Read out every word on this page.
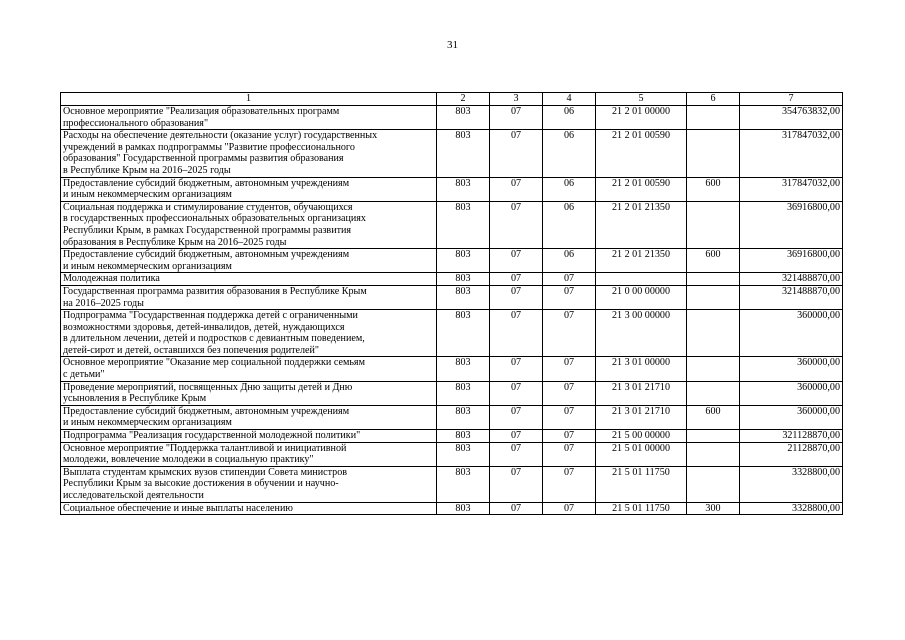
31
1	2	3	4	5	6	7
Основное мероприятие "Реализация образовательных программ
профессионального образования"	803	07	06	21 2 01 00000		354763832,00
Расходы на обеспечение деятельности (оказание услуг) государственных
учреждений в рамках подпрограммы "Развитие профессионального
образования" Государственной программы развития образования
в Республике Крым на 2016–2025 годы	803	07	06	21 2 01 00590		317847032,00
Предоставление субсидий бюджетным, автономным учреждениям
и иным некоммерческим организациям	803	07	06	21 2 01 00590	600	317847032,00
Социальная поддержка и стимулирование студентов, обучающихся
в государственных профессиональных образовательных организациях
Республики Крым, в рамках Государственной программы развития
образования в Республике Крым на 2016–2025 годы	803	07	06	21 2 01 21350		36916800,00
Предоставление субсидий бюджетным, автономным учреждениям
и иным некоммерческим организациям	803	07	06	21 2 01 21350	600	36916800,00
Молодежная политика	803	07	07			321488870,00
Государственная программа развития образования в Республике Крым
на 2016–2025 годы	803	07	07	21 0 00 00000		321488870,00
Подпрограмма "Государственная поддержка детей с ограниченными
возможностями здоровья, детей-инвалидов, детей, нуждающихся
в длительном лечении, детей и подростков с девиантным поведением,
детей-сирот и детей, оставшихся без попечения родителей"	803	07	07	21 3 00 00000		360000,00
Основное мероприятие "Оказание мер социальной поддержки семьям
с детьми"	803	07	07	21 3 01 00000		360000,00
Проведение мероприятий, посвященных Дню защиты детей и Дню
усыновления в Республике Крым	803	07	07	21 3 01 21710		360000,00
Предоставление субсидий бюджетным, автономным учреждениям
и иным некоммерческим организациям	803	07	07	21 3 01 21710	600	360000,00
Подпрограмма "Реализация государственной молодежной политики"	803	07	07	21 5 00 00000		321128870,00
Основное мероприятие "Поддержка талантливой и инициативной
молодежи, вовлечение молодежи в социальную практику"	803	07	07	21 5 01 00000		21128870,00
Выплата студентам крымских вузов стипендии Совета министров
Республики Крым за высокие достижения в обучении и научно-
исследовательской деятельности	803	07	07	21 5 01 11750		3328800,00
Социальное обеспечение и иные выплаты населению	803	07	07	21 5 01 11750	300	3328800,00
